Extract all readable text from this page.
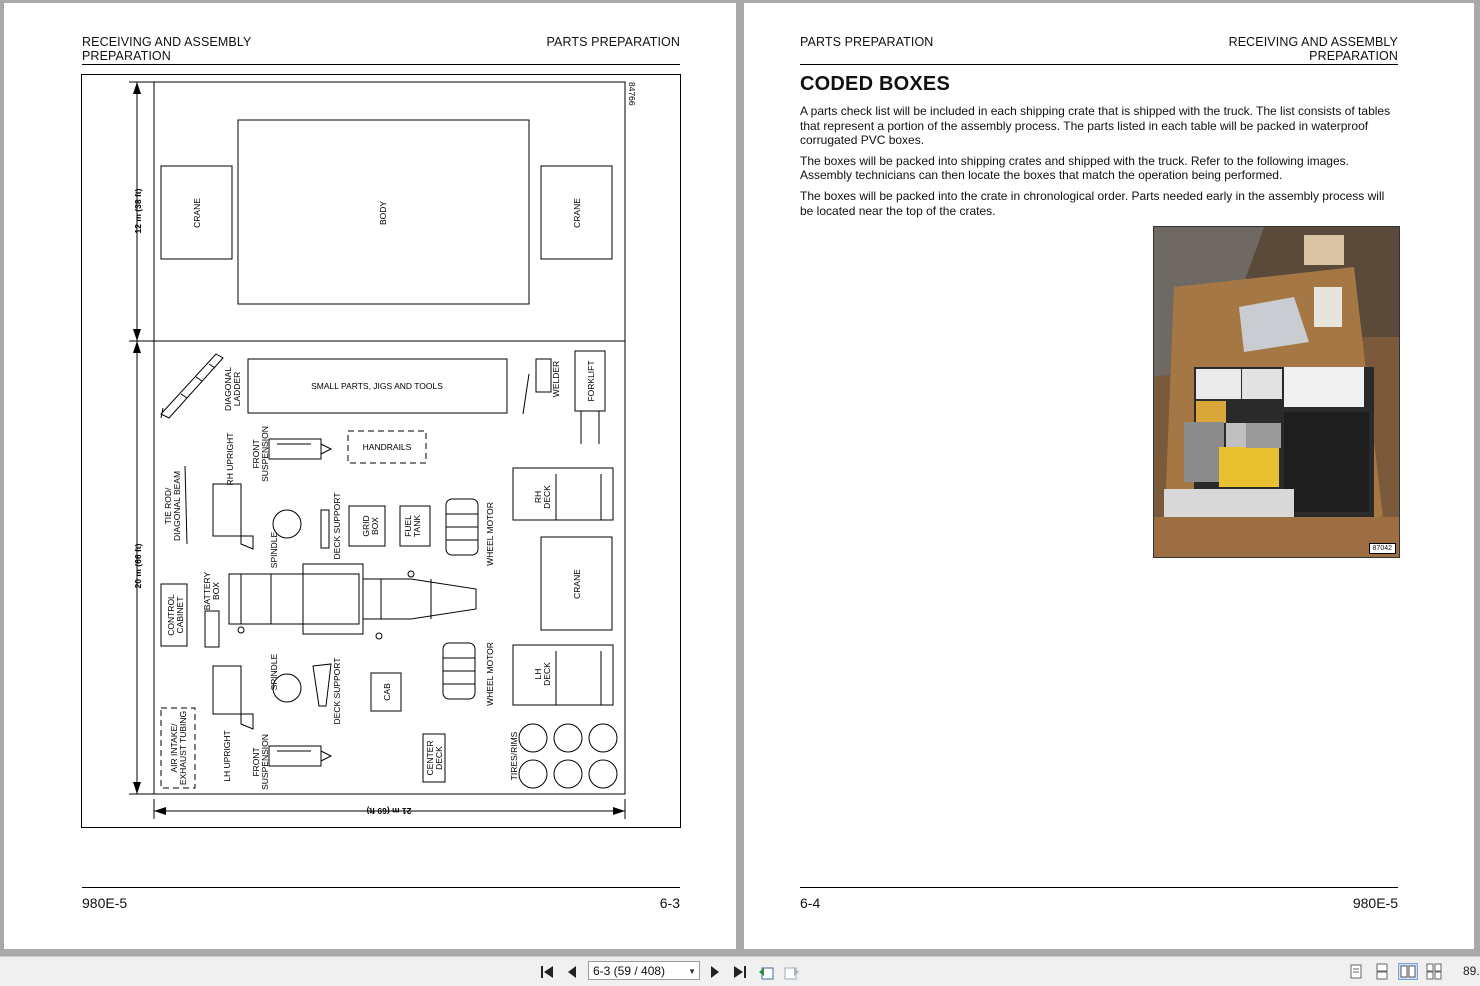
RECEIVING AND ASSEMBLY
PREPARATION
PARTS PREPARATION
84766
12 m (38 ft)
20 m (66 ft)
21 m (69 ft)
CRANE	BODY	CRANE
SMALL PARTS, JIGS AND TOOLS
DIAGONAL LADDER	WELDER	FORKLIFT
RH UPRIGHT FRONT SUSPENSION	HANDRAILS
TIE ROD/ DIAGONAL BEAM
SPINDLE	DECK SUPPORT GRID BOX	FUEL TANK	WHEEL MOTOR
RH DECK
CRANE
BATTERY BOX
CONTROL CABINET
SPINDLE	DECK SUPPORT	CAB	WHEEL MOTOR	LH DECK
AIR INTAKE/ EXHAUST TUBING	LH UPRIGHT FRONT SUSPENSION	CENTER DECK	TIRES/RIMS
980E-5	6-3
PARTS PREPARATION	RECEIVING AND ASSEMBLY
PREPARATION
CODED BOXES

A parts check list will be included in each shipping crate that is shipped with the truck. The list consists of tables that represent a portion of the assembly process. The parts listed in each table will be packed in waterproof corrugated PVC boxes.

The boxes will be packed into shipping crates and shipped with the truck. Refer to the following images. Assembly technicians can then locate the boxes that match the operation being performed.

The boxes will be packed into the crate in chronological order. Parts needed early in the assembly process will be located near the top of the crates.

87042
6-4	980E-5
6-3 (59 / 408)	▼	89.
